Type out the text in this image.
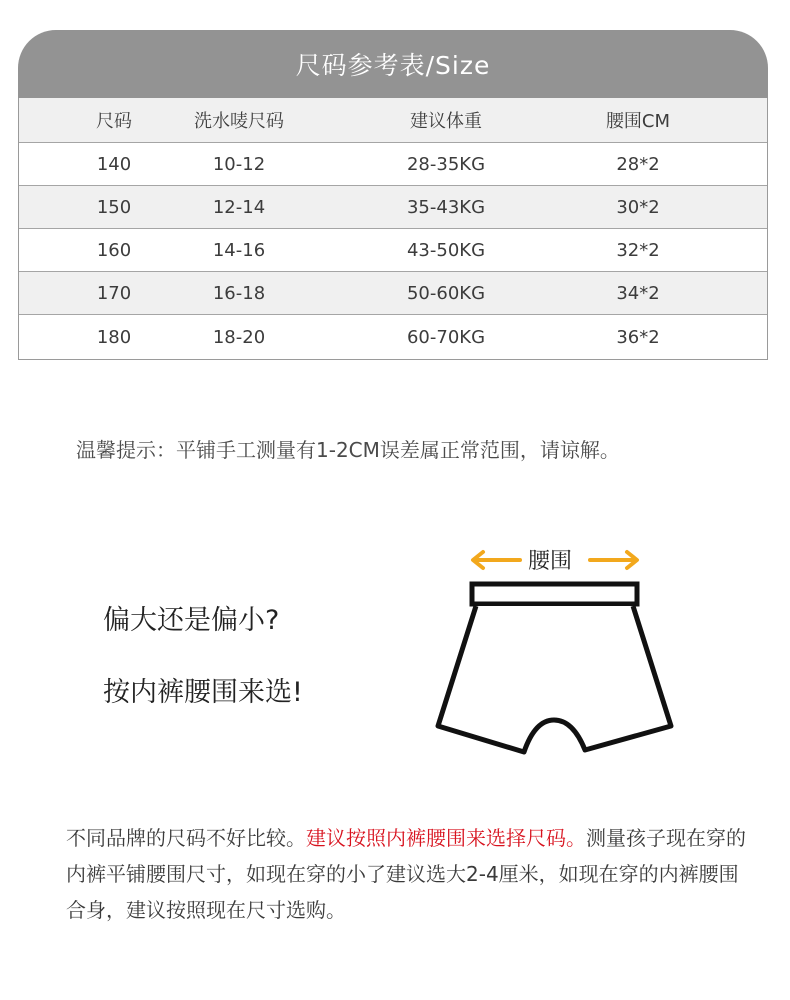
尺码参考表/Size
尺码	洗水唛尺码	建议体重	腰围CM
140	10-12	28-35KG	28*2
150	12-14	35-43KG	30*2
160	14-16	43-50KG	32*2
170	16-18	50-60KG	34*2
180	18-20	60-70KG	36*2
温馨提示：平铺手工测量有1-2CM误差属正常范围，请谅解。
偏大还是偏小?
按内裤腰围来选!
腰围
不同品牌的尺码不好比较。建议按照内裤腰围来选择尺码。测量孩子现在穿的内裤平铺腰围尺寸，如现在穿的小了建议选大2-4厘米，如现在穿的内裤腰围合身，建议按照现在尺寸选购。
